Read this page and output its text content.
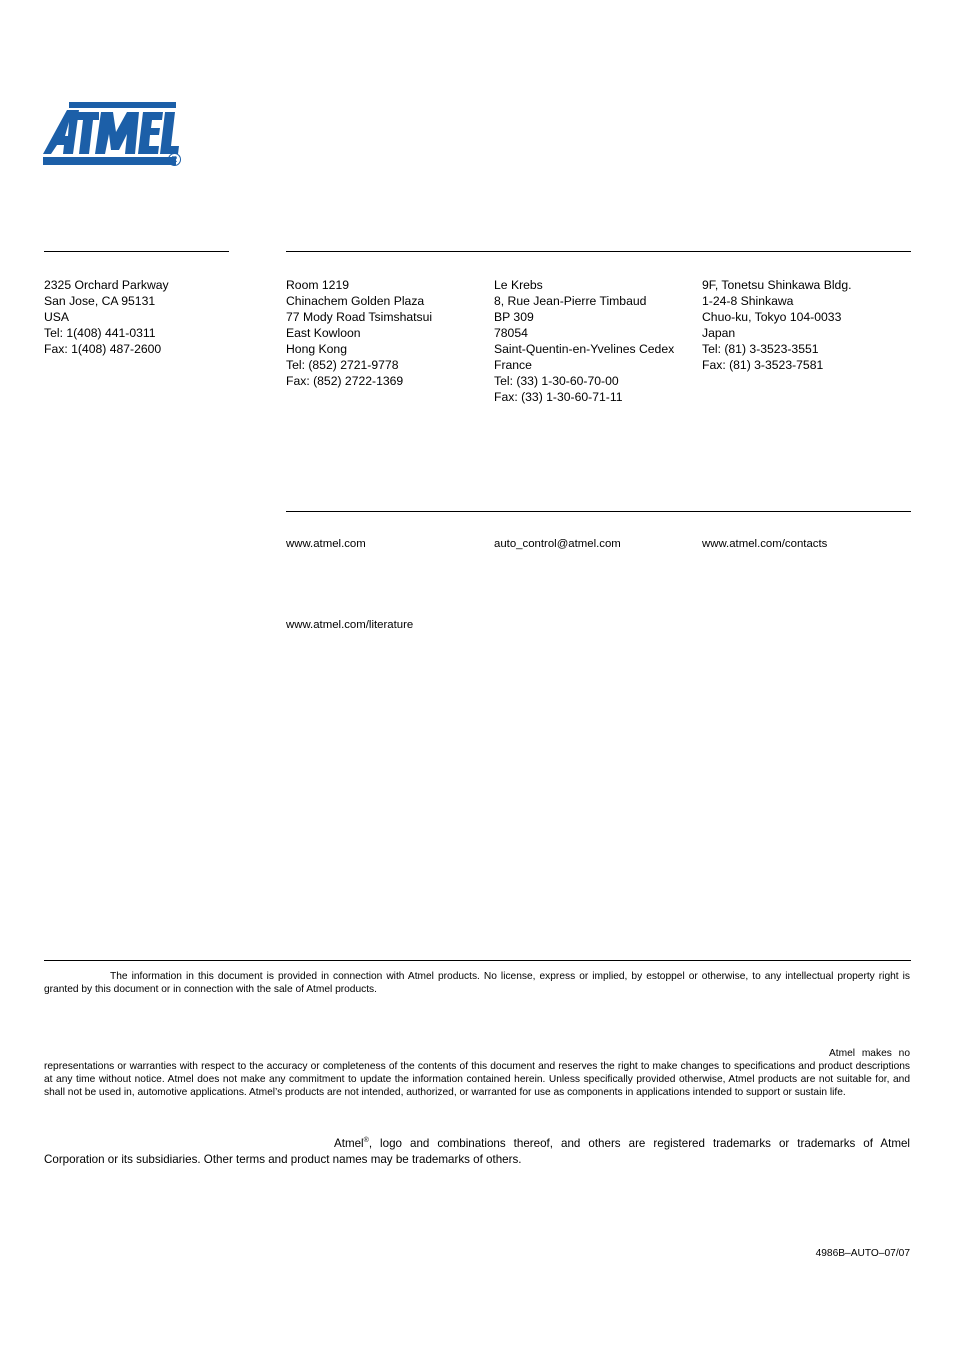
R
2325 Orchard Parkway
San Jose, CA 95131
USA
Tel: 1(408) 441-0311
Fax: 1(408) 487-2600
Room 1219
Chinachem Golden Plaza
77 Mody Road Tsimshatsui
East Kowloon
Hong Kong
Tel: (852) 2721-9778
Fax: (852) 2722-1369
Le Krebs
8, Rue Jean-Pierre Timbaud
BP 309
78054
Saint-Quentin-en-Yvelines Cedex
France
Tel: (33) 1-30-60-70-00
Fax: (33) 1-30-60-71-11
9F, Tonetsu Shinkawa Bldg.
1-24-8 Shinkawa
Chuo-ku, Tokyo 104-0033
Japan
Tel: (81) 3-3523-3551
Fax: (81) 3-3523-7581
www.atmel.com	auto_control@atmel.com	www.atmel.com/contacts
www.atmel.com/literature
The information in this document is provided in connection with Atmel products. No license, express or implied, by estoppel or otherwise, to any intellectual property right is granted by this document or in connection with the sale of Atmel products.
Atmel makes no
representations or warranties with respect to the accuracy or completeness of the contents of this document and reserves the right to make changes to specifications and product descriptions at any time without notice. Atmel does not make any commitment to update the information contained herein. Unless specifically provided otherwise, Atmel products are not suitable for, and shall not be used in, automotive applications. Atmel’s products are not intended, authorized, or warranted for use as components in applications intended to support or sustain life.
Atmel®, logo and combinations thereof, and others are registered trademarks or trademarks of Atmel Corporation or its subsidiaries. Other terms and product names may be trademarks of others.
4986B–AUTO–07/07
